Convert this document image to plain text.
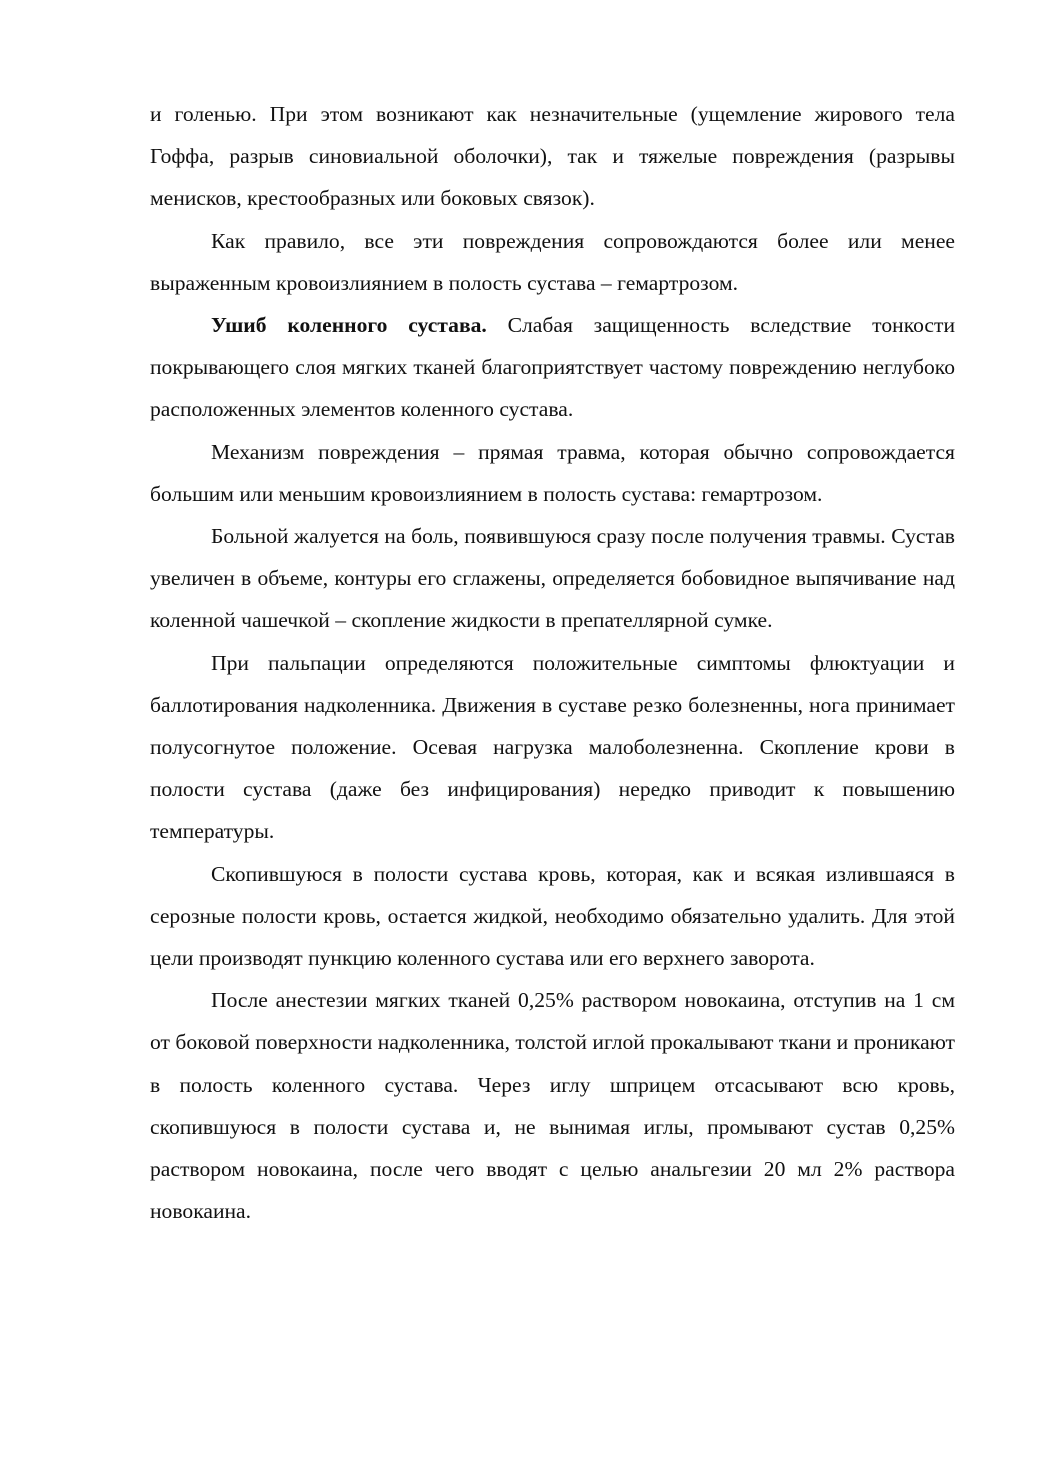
и голенью. При этом возникают как незначительные (ущемление жирового тела Гоффа, разрыв синовиальной оболочки), так и тяжелые повреждения (разрывы менисков, крестообразных или боковых связок).

Как правило, все эти повреждения сопровождаются более или менее выраженным кровоизлиянием в полость сустава – гемартрозом.

Ушиб коленного сустава. Слабая защищенность вследствие тонкости покрывающего слоя мягких тканей благоприятствует частому повреждению неглубоко расположенных элементов коленного сустава.

Механизм повреждения – прямая травма, которая обычно сопровождается большим или меньшим кровоизлиянием в полость сустава: гемартрозом.

Больной жалуется на боль, появившуюся сразу после получения травмы. Сустав увеличен в объеме, контуры его сглажены, определяется бобовидное выпячивание над коленной чашечкой – скопление жидкости в препателлярной сумке.

При пальпации определяются положительные симптомы флюктуации и баллотирования надколенника. Движения в суставе резко болезненны, нога принимает полусогнутое положение. Осевая нагрузка малоболезненна. Скопление крови в полости сустава (даже без инфицирования) нередко приводит к повышению температуры.

Скопившуюся в полости сустава кровь, которая, как и всякая излившаяся в серозные полости кровь, остается жидкой, необходимо обязательно удалить. Для этой цели производят пункцию коленного сустава или его верхнего заворота.

После анестезии мягких тканей 0,25% раствором новокаина, отступив на 1 см от боковой поверхности надколенника, толстой иглой прокалывают ткани и проникают в полость коленного сустава. Через иглу шприцем отсасывают всю кровь, скопившуюся в полости сустава и, не вынимая иглы, промывают сустав 0,25% раствором новокаина, после чего вводят с целью анальгезии 20 мл 2% раствора новокаина.
